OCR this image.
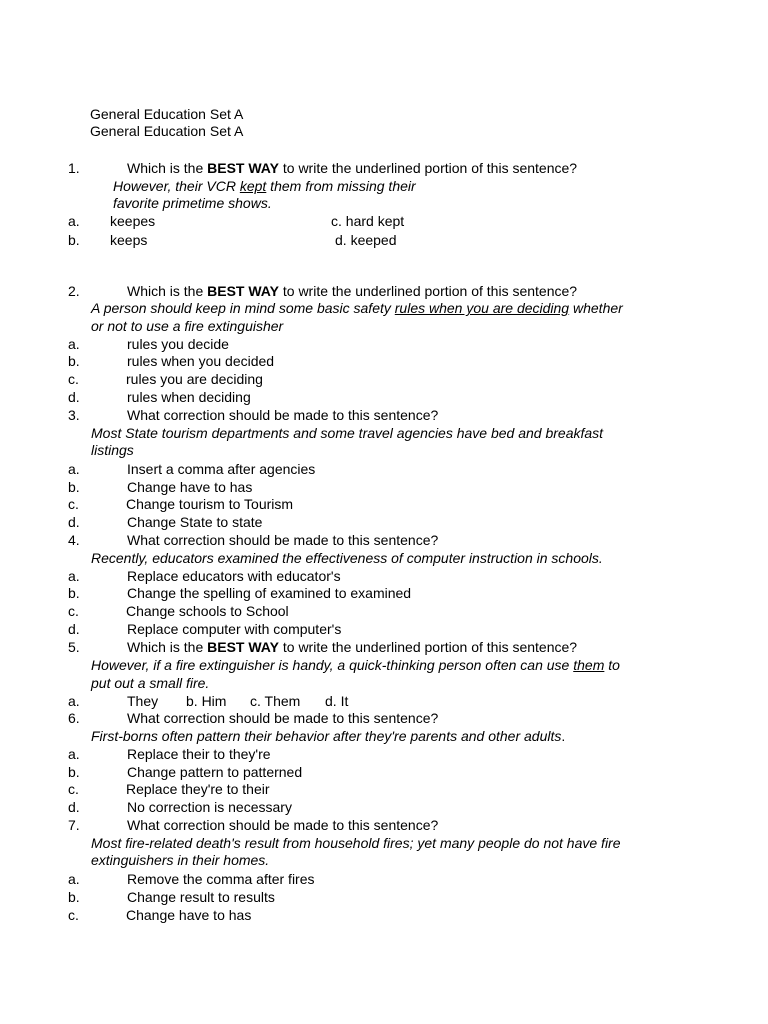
General Education Set A
General Education Set A
1.	Which is the BEST WAY to write the underlined portion of this sentence?
However, their VCR kept them from missing their
favorite primetime shows.
a. keepes	c. hard kept
b. keeps	d. keeped
2.	Which is the BEST WAY to write the underlined portion of this sentence?
A person should keep in mind some basic safety rules when you are deciding whether
or not to use a fire extinguisher
a.	rules you decide
b.	rules when you decided
c.	rules you are deciding
d.	rules when deciding
3.	What correction should be made to this sentence?
Most State tourism departments and some travel agencies have bed and breakfast
listings
a.	Insert a comma after agencies
b.	Change have to has
c.	Change tourism to Tourism
d.	Change State to state
4.	What correction should be made to this sentence?
Recently, educators examined the effectiveness of computer instruction in schools.
a.	Replace educators with educator's
b.	Change the spelling of examined to examined
c.	Change schools to School
d.	Replace computer with computer's
5.	Which is the BEST WAY to write the underlined portion of this sentence?
However, if a fire extinguisher is handy, a quick-thinking person often can use them to
put out a small fire.
a.	They b. Him c. Them d. It
6.	What correction should be made to this sentence?
First-borns often pattern their behavior after they're parents and other adults.
a.	Replace their to they're
b.	Change pattern to patterned
c.	Replace they're to their
d.	No correction is necessary
7.	What correction should be made to this sentence?
Most fire-related death's result from household fires; yet many people do not have fire
extinguishers in their homes.
a.	Remove the comma after fires
b.	Change result to results
c.	Change have to has
